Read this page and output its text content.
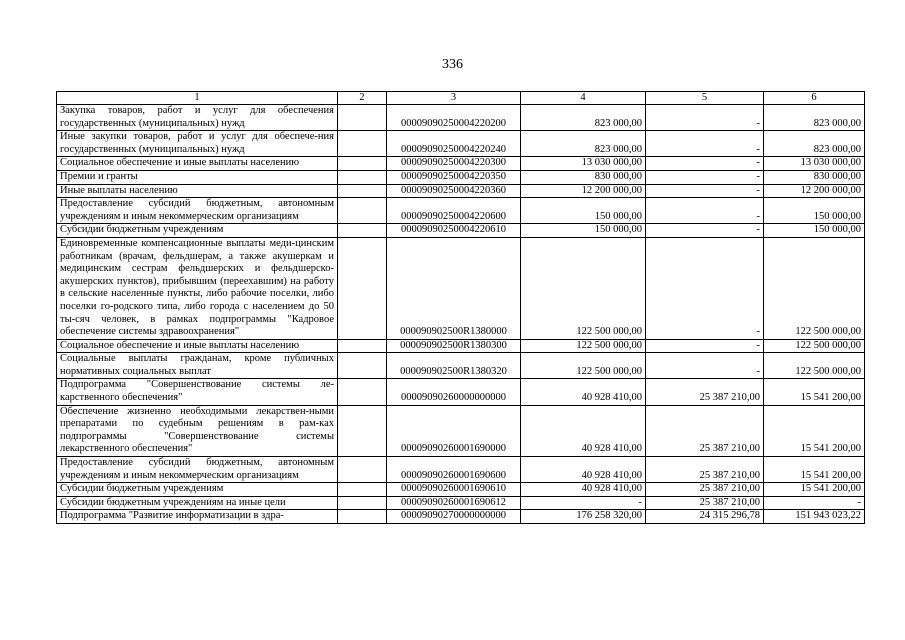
336
1	2	3	4	5	6
Закупка товаров, работ и услуг для обеспечения государственных (муниципальных) нужд		00009090250004220200	823 000,00	-	823 000,00
Иные закупки товаров, работ и услуг для обеспече-ния государственных (муниципальных) нужд		00009090250004220240	823 000,00	-	823 000,00
Социальное обеспечение и иные выплаты населению		00009090250004220300	13 030 000,00	-	13 030 000,00
Премии и гранты		00009090250004220350	830 000,00	-	830 000,00
Иные выплаты населению		00009090250004220360	12 200 000,00	-	12 200 000,00
Предоставление субсидий бюджетным, автономным учреждениям и иным некоммерческим организациям		00009090250004220600	150 000,00	-	150 000,00
Субсидии бюджетным учреждениям		00009090250004220610	150 000,00	-	150 000,00
Единовременные компенсационные выплаты меди-цинским работникам (врачам, фельдшерам, а также акушеркам и медицинским сестрам фельдшерских и фельдшерско-акушерских пунктов), прибывшим (переехавшим) на работу в сельские населенные пункты, либо рабочие поселки, либо поселки го-родского типа, либо города с населением до 50 ты-сяч человек, в рамках подпрограммы "Кадровое обеспечение системы здравоохранения"		000090902500R1380000	122 500 000,00	-	122 500 000,00
Социальное обеспечение и иные выплаты населению		000090902500R1380300	122 500 000,00	-	122 500 000,00
Социальные выплаты гражданам, кроме публичных нормативных социальных выплат		000090902500R1380320	122 500 000,00	-	122 500 000,00
Подпрограмма "Совершенствование системы ле-карственного обеспечения"		00009090260000000000	40 928 410,00	25 387 210,00	15 541 200,00
Обеспечение жизненно необходимыми лекарствен-ными препаратами по судебным решениям в рам-ках подпрограммы "Совершенствование системы лекарственного обеспечения"		00009090260001690000	40 928 410,00	25 387 210,00	15 541 200,00
Предоставление субсидий бюджетным, автономным учреждениям и иным некоммерческим организациям		00009090260001690600	40 928 410,00	25 387 210,00	15 541 200,00
Субсидии бюджетным учреждениям		00009090260001690610	40 928 410,00	25 387 210,00	15 541 200,00
Субсидии бюджетным учреждениям на иные цели		00009090260001690612	-	25 387 210,00	-
Подпрограмма "Развитие информатизации в здра-		00009090270000000000	176 258 320,00	24 315 296,78	151 943 023,22
